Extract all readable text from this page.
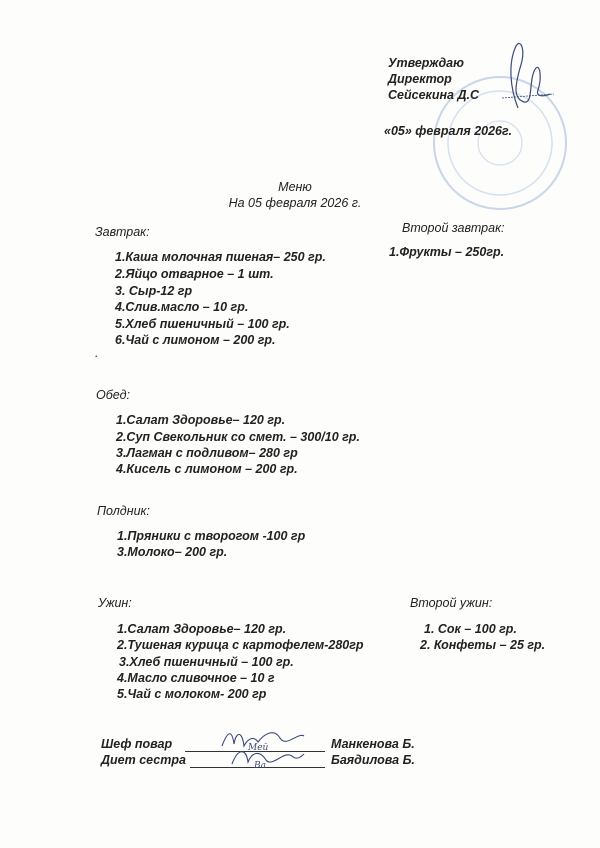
Утверждаю
Директор
Сейсекина Д.С
«05» февраля 2026г.
Меню
На 05 февраля 2026 г.
Завтрак:
1.Каша молочная пшеная– 250 гр.
2.Яйцо отварное – 1 шт.
3. Сыр-12 гр
4.Слив.масло – 10 гр.
5.Хлеб пшеничный – 100 гр.
6.Чай с лимоном – 200 гр.
.
Второй завтрак:
1.Фрукты – 250гр.
Обед:
1.Салат Здоровье– 120 гр.
2.Суп Свекольник со смет. – 300/10 гр.
3.Лагман с подливом– 280 гр
4.Кисель с лимоном – 200 гр.
Полдник:
1.Пряники с творогом -100 гр
3.Молоко– 200 гр.
Ужин:
1.Салат Здоровье– 120 гр.
2.Тушеная курица с картофелем-280гр
3.Хлеб пшеничный – 100 гр.
4.Масло сливочное – 10 г
5.Чай с молоком- 200 гр
Второй ужин:
1. Сок – 100 гр.
2. Конфеты – 25 гр.
Шеф повар	Мей	Манкенова Б.
Диет сестра	Ва	Баядилова Б.
